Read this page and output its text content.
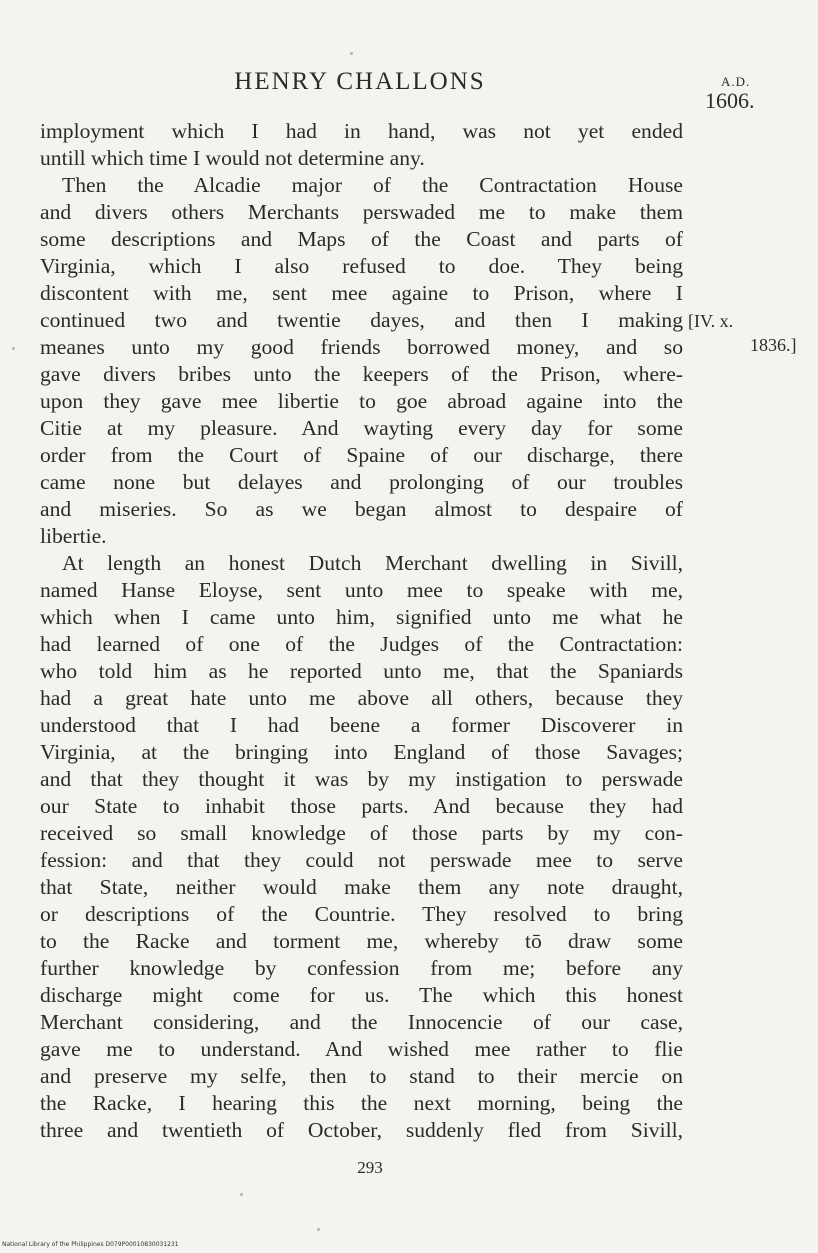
HENRY CHALLONS	A.D.
1606.
imployment which I had in hand, was not yet ended
untill which time I would not determine any.
Then the Alcadie major of the Contractation House
and divers others Merchants perswaded me to make them
some descriptions and Maps of the Coast and parts of
Virginia, which I also refused to doe. They being
discontent with me, sent mee againe to Prison, where I
continued two and twentie dayes, and then I making
meanes unto my good friends borrowed money, and so
gave divers bribes unto the keepers of the Prison, where-
upon they gave mee libertie to goe abroad againe into the
Citie at my pleasure. And wayting every day for some
order from the Court of Spaine of our discharge, there
came none but delayes and prolonging of our troubles
and miseries. So as we began almost to despaire of
libertie.
At length an honest Dutch Merchant dwelling in Sivill,
named Hanse Eloyse, sent unto mee to speake with me,
which when I came unto him, signified unto me what he
had learned of one of the Judges of the Contractation:
who told him as he reported unto me, that the Spaniards
had a great hate unto me above all others, because they
understood that I had beene a former Discoverer in
Virginia, at the bringing into England of those Savages;
and that they thought it was by my instigation to perswade
our State to inhabit those parts. And because they had
received so small knowledge of those parts by my con-
fession: and that they could not perswade mee to serve
that State, neither would make them any note draught,
or descriptions of the Countrie. They resolved to bring
to the Racke and torment me, whereby tō draw some
further knowledge by confession from me; before any
discharge might come for us. The which this honest
Merchant considering, and the Innocencie of our case,
gave me to understand. And wished mee rather to flie
and preserve my selfe, then to stand to their mercie on
the Racke, I hearing this the next morning, being the
three and twentieth of October, suddenly fled from Sivill,
[IV. x.
1836.]
293
National Library of the Philippines D079P00010830031231
